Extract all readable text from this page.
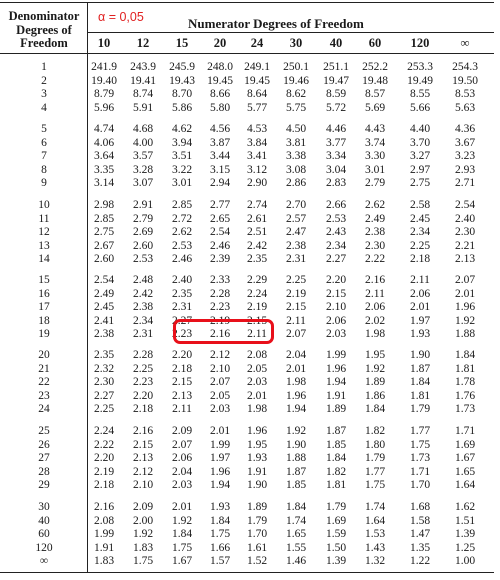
Denominator Degrees of Freedom
α = 0,05	Numerator Degrees of Freedom
10	12	15	20	24	30	40	60	120	∞
1	241.9	243.9	245.9	248.0 249.1	250.1	251.1	252.2	253.3	254.3
2	19.40	19.41	19.43	19.45 19.45	19.46	19.47	19.48	19.49	19.50
3	8.79	8.74	8.70	8.66	8.64	8.62	8.59	8.57	8.55	8.53
4	5.96	5.91	5.86	5.80	5.77	5.75	5.72	5.69	5.66	5.63
5	4.74	4.68	4.62	4.56	4.53	4.50	4.46	4.43	4.40	4.36
6	4.06	4.00	3.94	3.87	3.84	3.81	3.77	3.74	3.70	3.67
7	3.64	3.57	3.51	3.44	3.41	3.38	3.34	3.30	3.27	3.23
8	3.35	3.28	3.22	3.15	3.12	3.08	3.04	3.01	2.97	2.93
9	3.14	3.07	3.01	2.94	2.90	2.86	2.83	2.79	2.75	2.71
10	2.98	2.91	2.85	2.77	2.74	2.70	2.66	2.62	2.58	2.54
11	2.85	2.79	2.72	2.65	2.61	2.57	2.53	2.49	2.45	2.40
12	2.75	2.69	2.62	2.54	2.51	2.47	2.43	2.38	2.34	2.30
13	2.67	2.60	2.53	2.46	2.42	2.38	2.34	2.30	2.25	2.21
14	2.60	2.53	2.46	2.39	2.35	2.31	2.27	2.22	2.18	2.13
15	2.54	2.48	2.40	2.33	2.29	2.25	2.20	2.16	2.11	2.07
16	2.49	2.42	2.35	2.28	2.24	2.19	2.15	2.11	2.06	2.01
17	2.45	2.38	2.31	2.23	2.19	2.15	2.10	2.06	2.01	1.96
18	2.41	2.34	2.27	2.19	2.15	2.11	2.06	2.02	1.97	1.92
19	2.38	2.31	2.23	2.16	2.11	2.07	2.03	1.98	1.93	1.88
20	2.35	2.28	2.20	2.12	2.08	2.04	1.99	1.95	1.90	1.84
21	2.32	2.25	2.18	2.10	2.05	2.01	1.96	1.92	1.87	1.81
22	2.30	2.23	2.15	2.07	2.03	1.98	1.94	1.89	1.84	1.78
23	2.27	2.20	2.13	2.05	2.01	1.96	1.91	1.86	1.81	1.76
24	2.25	2.18	2.11	2.03	1.98	1.94	1.89	1.84	1.79	1.73
25	2.24	2.16	2.09	2.01	1.96	1.92	1.87	1.82	1.77	1.71
26	2.22	2.15	2.07	1.99	1.95	1.90	1.85	1.80	1.75	1.69
27	2.20	2.13	2.06	1.97	1.93	1.88	1.84	1.79	1.73	1.67
28	2.19	2.12	2.04	1.96	1.91	1.87	1.82	1.77	1.71	1.65
29	2.18	2.10	2.03	1.94	1.90	1.85	1.81	1.75	1.70	1.64
30	2.16	2.09	2.01	1.93	1.89	1.84	1.79	1.74	1.68	1.62
40	2.08	2.00	1.92	1.84	1.79	1.74	1.69	1.64	1.58	1.51
60	1.99	1.92	1.84	1.75	1.70	1.65	1.59	1.53	1.47	1.39
120	1.91	1.83	1.75	1.66	1.61	1.55	1.50	1.43	1.35	1.25
∞	1.83	1.75	1.67	1.57	1.52	1.46	1.39	1.32	1.22	1.00
